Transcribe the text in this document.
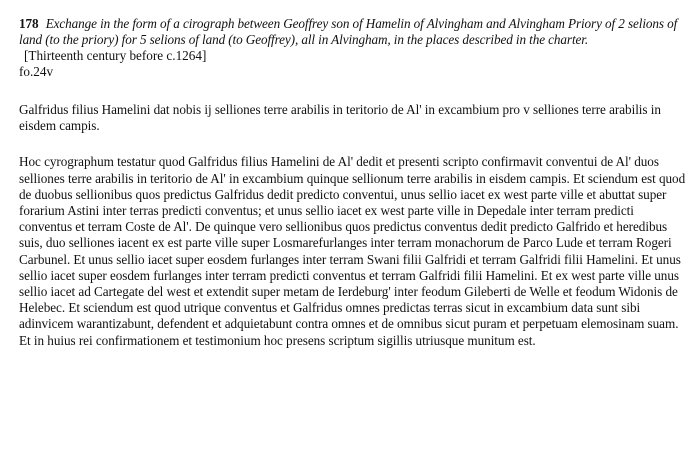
178 Exchange in the form of a cirograph between Geoffrey son of Hamelin of Alvingham and Alvingham Priory of 2 selions of land (to the priory) for 5 selions of land (to Geoffrey), all in Alvingham, in the places described in the charter.
[Thirteenth century before c.1264]
fo.24v

Galfridus filius Hamelini dat nobis ij selliones terre arabilis in teritorio de Al' in excambium pro v selliones terre arabilis in eisdem campis.

Hoc cyrographum testatur quod Galfridus filius Hamelini de Al' dedit et presenti scripto confirmavit conventui de Al' duos selliones terre arabilis in teritorio de Al' in excambium quinque sellionum terre arabilis in eisdem campis. Et sciendum est quod de duobus sellionibus quos predictus Galfridus dedit predicto conventui, unus sellio iacet ex west parte ville et abuttat super forarium Astini inter terras predicti conventus; et unus sellio iacet ex west parte ville in Depedale inter terram predicti conventus et terram Coste de Al'. De quinque vero sellionibus quos predictus conventus dedit predicto Galfrido et heredibus suis, duo selliones iacent ex est parte ville super Losmarefurlanges inter terram monachorum de Parco Lude et terram Rogeri Carbunel. Et unus sellio iacet super eosdem furlanges inter terram Swani filii Galfridi et terram Galfridi filii Hamelini. Et unus sellio iacet super eosdem furlanges inter terram predicti conventus et terram Galfridi filii Hamelini. Et ex west parte ville unus sellio iacet ad Cartegate del west et extendit super metam de Ierdeburg' inter feodum Gileberti de Welle et feodum Widonis de Helebec. Et sciendum est quod utrique conventus et Galfridus omnes predictas terras sicut in excambium data sunt sibi adinvicem warantizabunt, defendent et adquietabunt contra omnes et de omnibus sicut puram et perpetuam elemosinam suam. Et in huius rei confirmationem et testimonium hoc presens scriptum sigillis utriusque munitum est.
